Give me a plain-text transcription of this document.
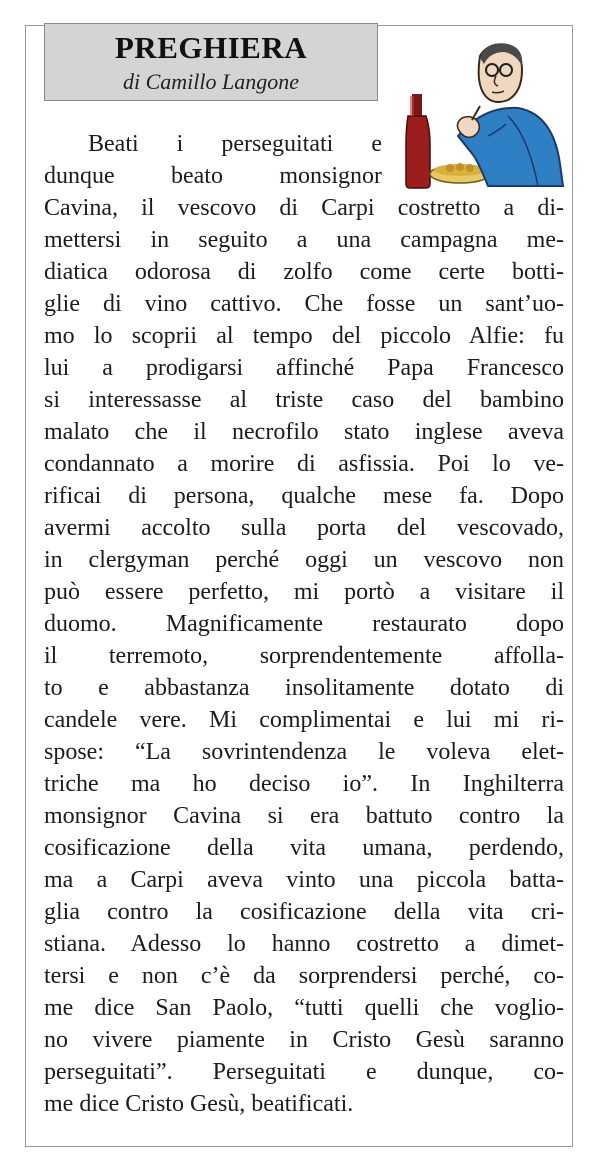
PREGHIERA
di Camillo Langone
Beati i perseguitati e
dunque beato monsignor
Cavina, il vescovo di Carpi costretto a di-
mettersi in seguito a una campagna me-
diatica odorosa di zolfo come certe botti-
glie di vino cattivo. Che fosse un sant’uo-
mo lo scoprii al tempo del piccolo Alfie: fu
lui a prodigarsi affinché Papa Francesco
si interessasse al triste caso del bambino
malato che il necrofilo stato inglese aveva
condannato a morire di asfissia. Poi lo ve-
rificai di persona, qualche mese fa. Dopo
avermi accolto sulla porta del vescovado,
in clergyman perché oggi un vescovo non
può essere perfetto, mi portò a visitare il
duomo. Magnificamente restaurato dopo
il terremoto, sorprendentemente affolla-
to e abbastanza insolitamente dotato di
candele vere. Mi complimentai e lui mi ri-
spose: “La sovrintendenza le voleva elet-
triche ma ho deciso io”. In Inghilterra
monsignor Cavina si era battuto contro la
cosificazione della vita umana, perdendo,
ma a Carpi aveva vinto una piccola batta-
glia contro la cosificazione della vita cri-
stiana. Adesso lo hanno costretto a dimet-
tersi e non c’è da sorprendersi perché, co-
me dice San Paolo, “tutti quelli che voglio-
no vivere piamente in Cristo Gesù saranno
perseguitati”. Perseguitati e dunque, co-
me dice Cristo Gesù, beatificati.
